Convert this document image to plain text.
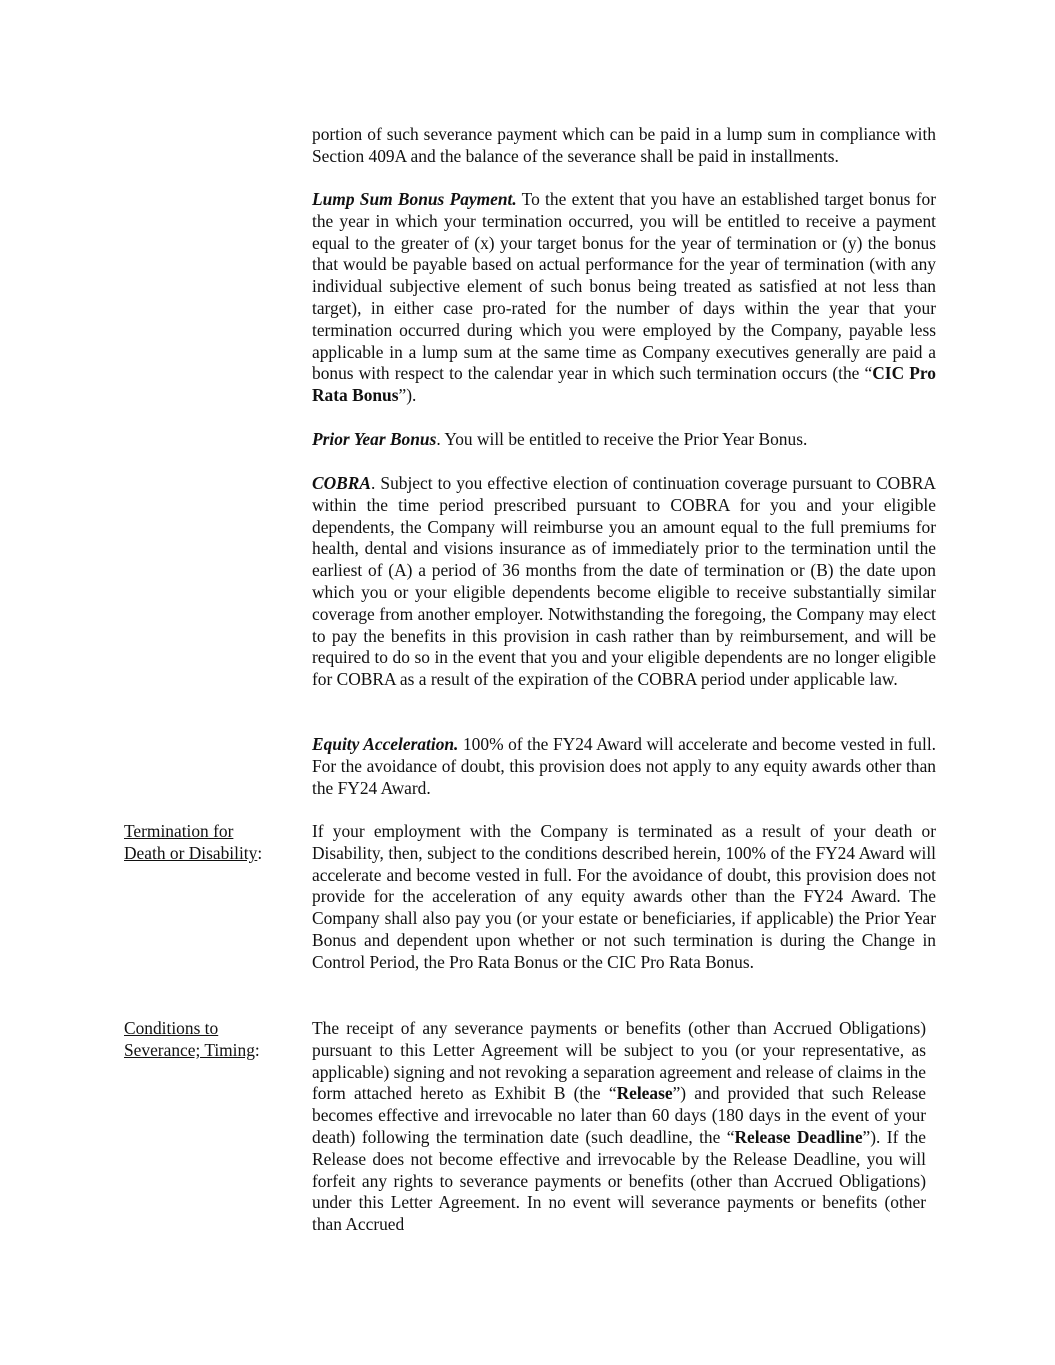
portion of such severance payment which can be paid in a lump sum in compliance with Section 409A and the balance of the severance shall be paid in installments.

Lump Sum Bonus Payment. To the extent that you have an established target bonus for the year in which your termination occurred, you will be entitled to receive a payment equal to the greater of (x) your target bonus for the year of termination or (y) the bonus that would be payable based on actual performance for the year of termination (with any individual subjective element of such bonus being treated as satisfied at not less than target), in either case pro-rated for the number of days within the year that your termination occurred during which you were employed by the Company, payable less applicable in a lump sum at the same time as Company executives generally are paid a bonus with respect to the calendar year in which such termination occurs (the “CIC Pro Rata Bonus”).

Prior Year Bonus. You will be entitled to receive the Prior Year Bonus.

COBRA. Subject to you effective election of continuation coverage pursuant to COBRA within the time period prescribed pursuant to COBRA for you and your eligible dependents, the Company will reimburse you an amount equal to the full premiums for health, dental and visions insurance as of immediately prior to the termination until the earliest of (A) a period of 36 months from the date of termination or (B) the date upon which you or your eligible dependents become eligible to receive substantially similar coverage from another employer. Notwithstanding the foregoing, the Company may elect to pay the benefits in this provision in cash rather than by reimbursement, and will be required to do so in the event that you and your eligible dependents are no longer eligible for COBRA as a result of the expiration of the COBRA period under applicable law.

Equity Acceleration. 100% of the FY24 Award will accelerate and become vested in full. For the avoidance of doubt, this provision does not apply to any equity awards other than the FY24 Award.

Termination for
Death or Disability:

If your employment with the Company is terminated as a result of your death or Disability, then, subject to the conditions described herein, 100% of the FY24 Award will accelerate and become vested in full. For the avoidance of doubt, this provision does not provide for the acceleration of any equity awards other than the FY24 Award. The Company shall also pay you (or your estate or beneficiaries, if applicable) the Prior Year Bonus and dependent upon whether or not such termination is during the Change in Control Period, the Pro Rata Bonus or the CIC Pro Rata Bonus.

Conditions to
Severance; Timing:

The receipt of any severance payments or benefits (other than Accrued Obligations) pursuant to this Letter Agreement will be subject to you (or your representative, as applicable) signing and not revoking a separation agreement and release of claims in the form attached hereto as Exhibit B (the “Release”) and provided that such Release becomes effective and irrevocable no later than 60 days (180 days in the event of your death) following the termination date (such deadline, the “Release Deadline”). If the Release does not become effective and irrevocable by the Release Deadline, you will forfeit any rights to severance payments or benefits (other than Accrued Obligations) under this Letter Agreement. In no event will severance payments or benefits (other than Accrued
